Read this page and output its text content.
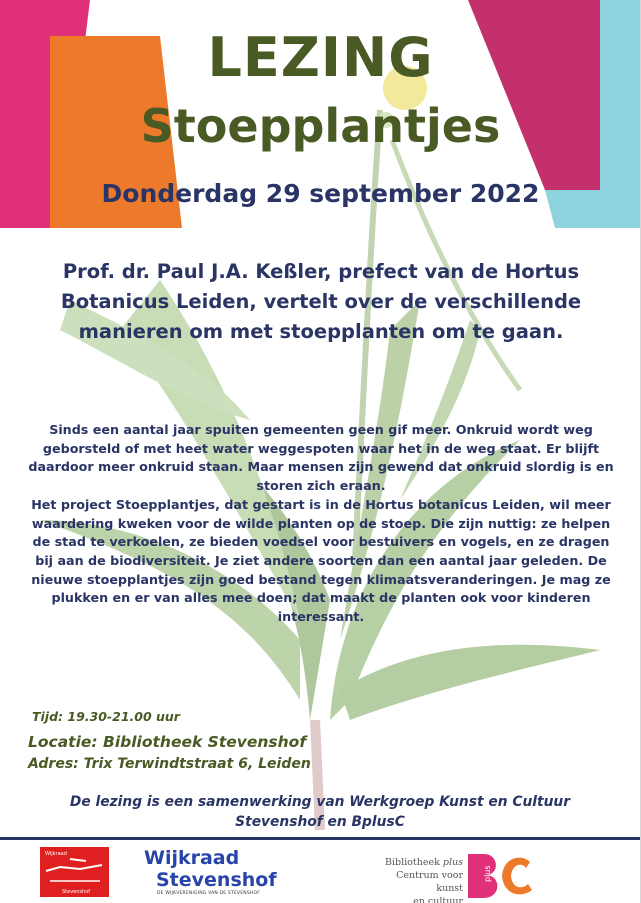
LEZING
Stoepplantjes
Donderdag 29 september 2022
Prof. dr. Paul J.A. Keßler, prefect van de Hortus Botanicus Leiden, vertelt over de verschillende manieren om met stoepplanten om te gaan.

Sinds een aantal jaar spuiten gemeenten geen gif meer. Onkruid wordt weg geborsteld of met heet water weggespoten waar het in de weg staat. Er blijft daardoor meer onkruid staan. Maar mensen zijn gewend dat onkruid slordig is en storen zich eraan.

Het project Stoepplantjes, dat gestart is in de Hortus botanicus Leiden, wil meer waardering kweken voor de wilde planten op de stoep. Die zijn nuttig: ze helpen de stad te verkoelen, ze bieden voedsel voor bestuivers en vogels, en ze dragen bij aan de biodiversiteit. Je ziet andere soorten dan een aantal jaar geleden. De nieuwe stoepplantjes zijn goed bestand tegen klimaatsveranderingen. Je mag ze plukken en er van alles mee doen; dat maakt de planten ook voor kinderen interessant.

Tijd: 19.30-21.00 uur
Locatie: Bibliotheek Stevenshof
Adres: Trix Terwindtstraat 6, Leiden
De lezing is een samenwerking van Werkgroep Kunst en Cultuur Stevenshof en BplusC
Wijkraad
Stevenshof
Wijkraad
Stevenshof
DE WIJKVERENIGING VAN DE STEVENSHOF
Bibliotheek plus
Centrum voor kunst
en cultuur
plus
